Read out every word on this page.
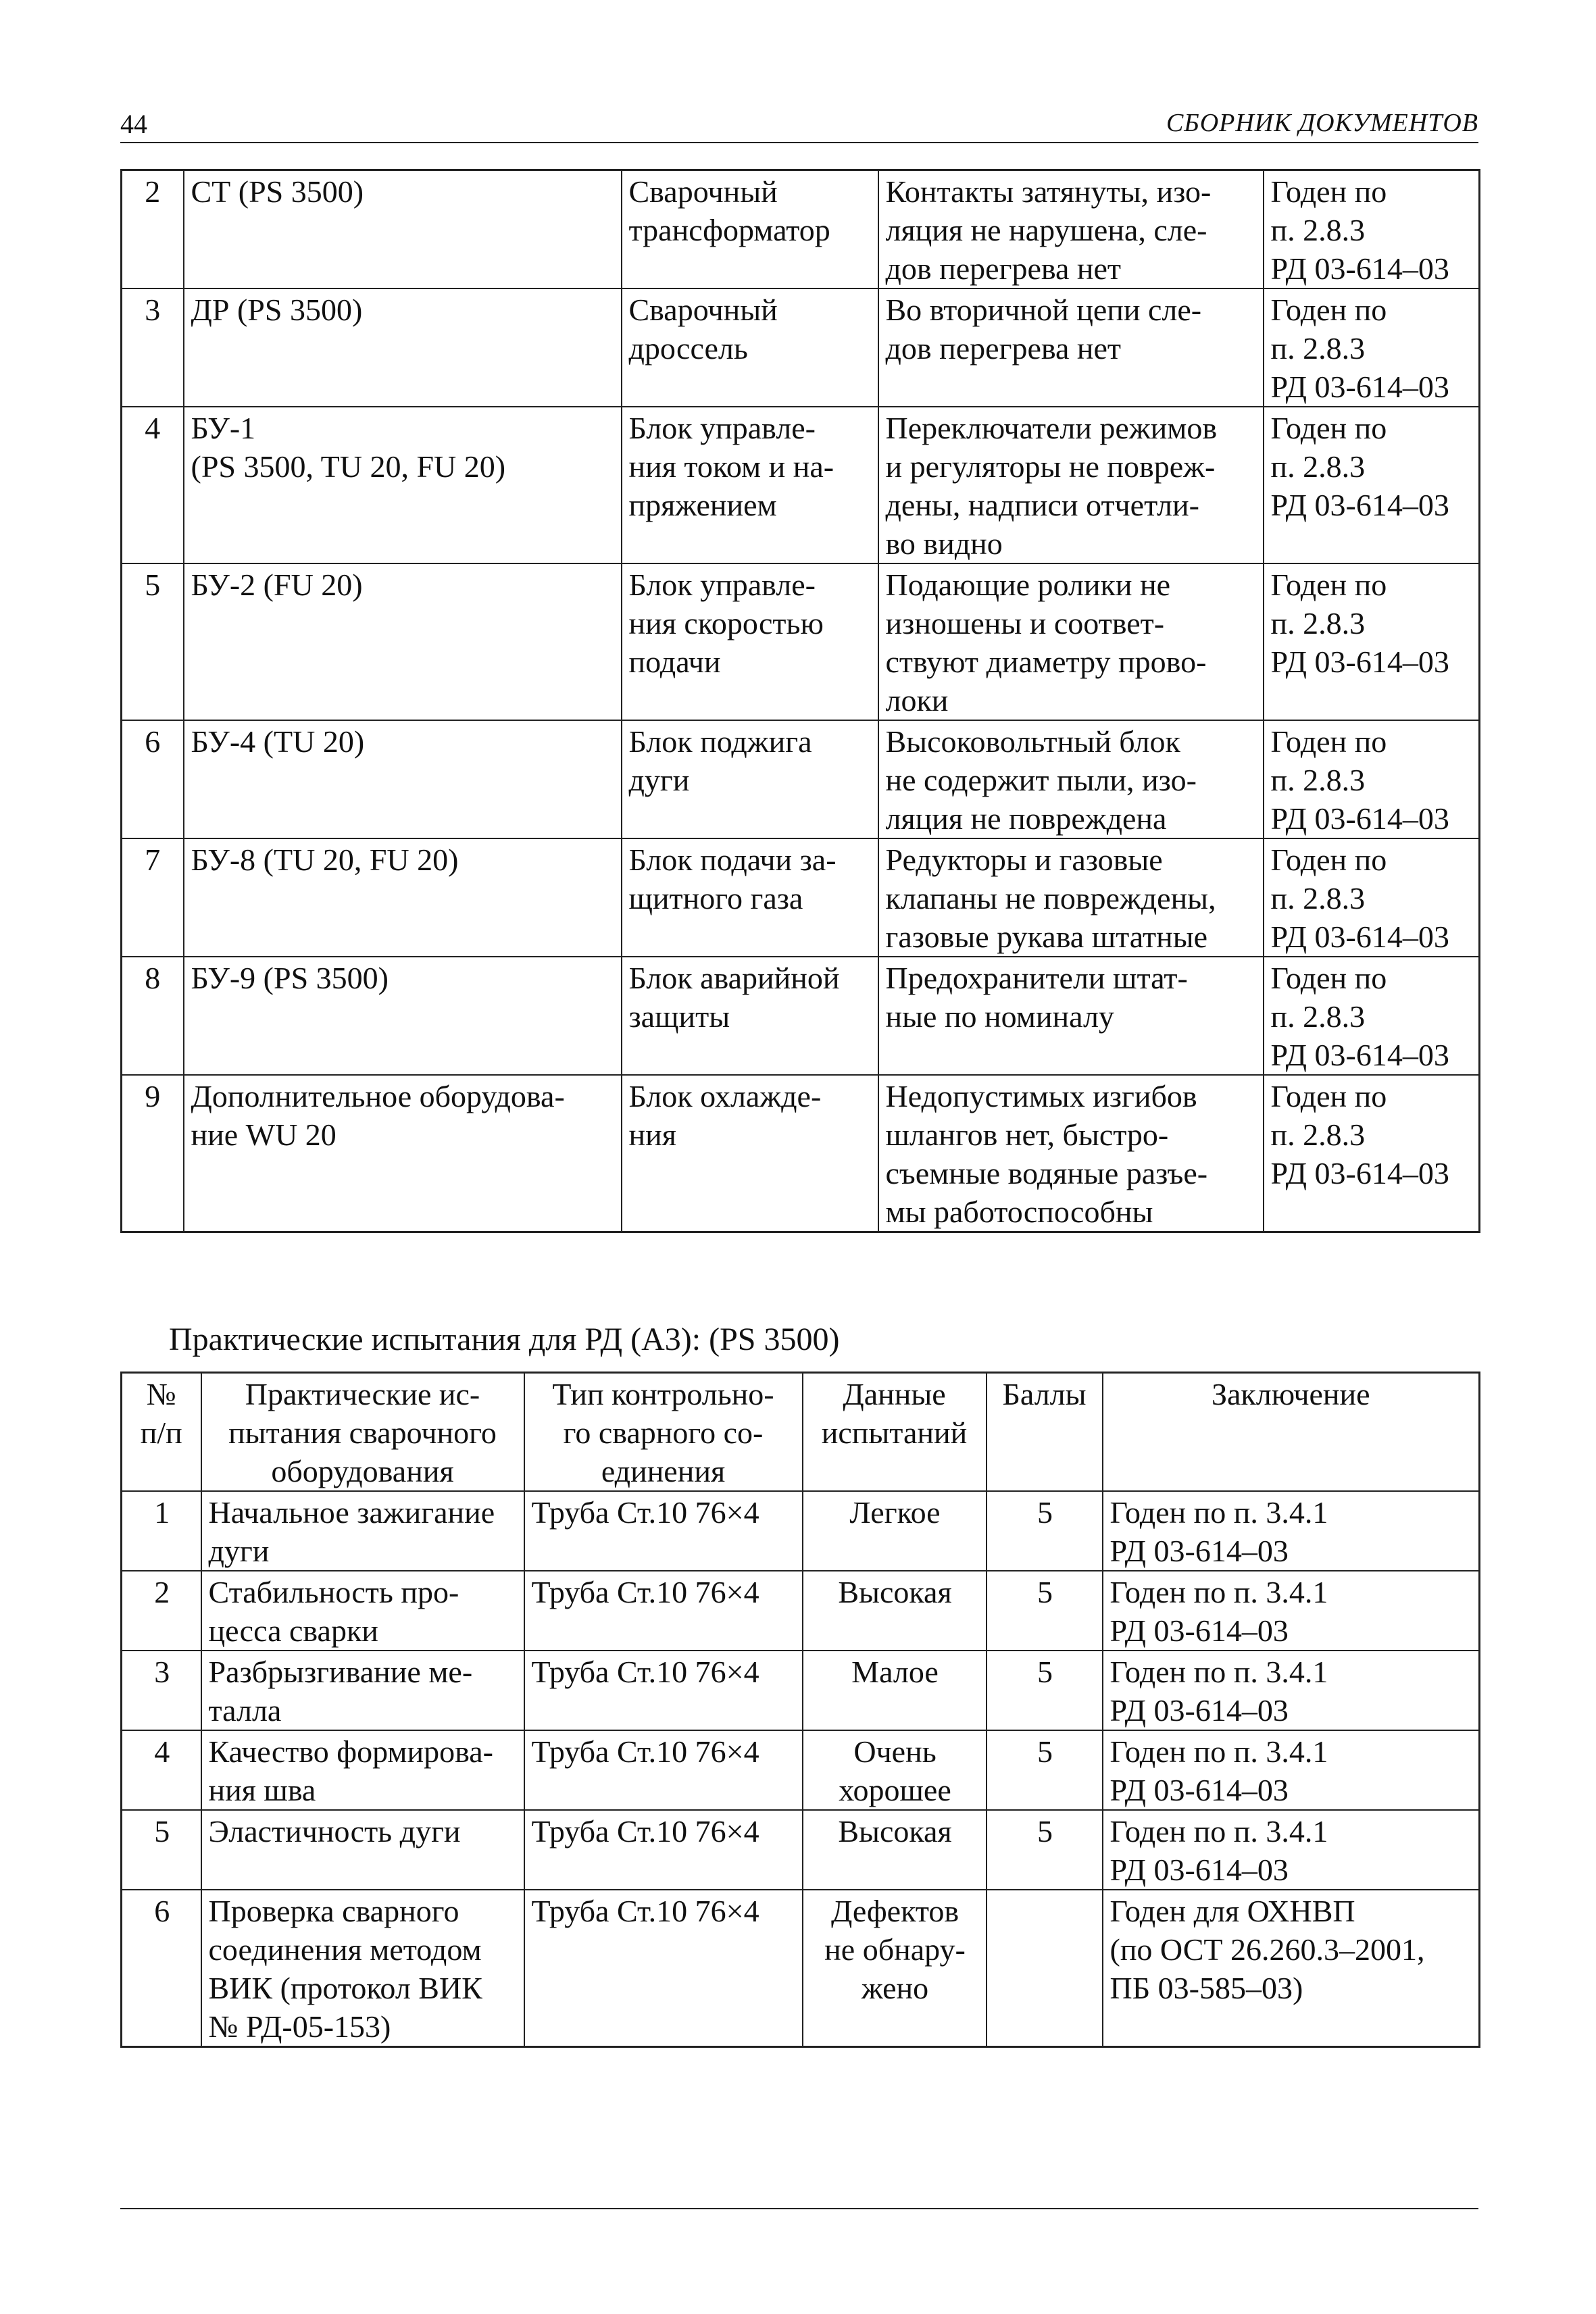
44	СБОРНИК ДОКУМЕНТОВ
2	СТ (PS 3500)	Сварочный
трансформатор	Контакты затянуты, изо-
ляция не нарушена, сле-
дов перегрева нет	Годен по
п. 2.8.3
РД 03-614–03

3	ДР (PS 3500)	Сварочный
дроссель	Во вторичной цепи сле-
дов перегрева нет	Годен по
п. 2.8.3
РД 03-614–03

4	БУ-1
(PS 3500, TU 20, FU 20)	Блок управле-
ния током и на-
пряжением	Переключатели режимов
и регуляторы не повреж-
дены, надписи отчетли-
во видно	Годен по
п. 2.8.3
РД 03-614–03

5	БУ-2 (FU 20)	Блок управле-
ния скоростью
подачи	Подающие ролики не
изношены и соответ-
ствуют диаметру прово-
локи	Годен по
п. 2.8.3
РД 03-614–03

6	БУ-4 (TU 20)	Блок поджига
дуги	Высоковольтный блок
не содержит пыли, изо-
ляция не повреждена	Годен по
п. 2.8.3
РД 03-614–03

7	БУ-8 (TU 20, FU 20)	Блок подачи за-
щитного газа	Редукторы и газовые
клапаны не повреждены,
газовые рукава штатные	Годен по
п. 2.8.3
РД 03-614–03

8	БУ-9 (PS 3500)	Блок аварийной
защиты	Предохранители штат-
ные по номиналу	Годен по
п. 2.8.3
РД 03-614–03

9	Дополнительное оборудова-
ние WU 20	Блок охлажде-
ния	Недопустимых изгибов
шлангов нет, быстро-
съемные водяные разъе-
мы работоспособны	Годен по
п. 2.8.3
РД 03-614–03
Практические испытания для РД (А3): (PS 3500)
№
п/п	Практические ис-
пытания сварочного
оборудования	Тип контрольно-
го сварного со-
единения	Данные
испытаний	Баллы	Заключение

1	Начальное зажигание
дуги	Труба Ст.10 76×4	Легкое	5	Годен по п. 3.4.1
РД 03-614–03

2	Стабильность про-
цесса сварки	Труба Ст.10 76×4	Высокая	5	Годен по п. 3.4.1
РД 03-614–03

3	Разбрызгивание ме-
талла	Труба Ст.10 76×4	Малое	5	Годен по п. 3.4.1
РД 03-614–03

4	Качество формирова-
ния шва	Труба Ст.10 76×4	Очень
хорошее	5	Годен по п. 3.4.1
РД 03-614–03

5	Эластичность дуги	Труба Ст.10 76×4	Высокая	5	Годен по п. 3.4.1
РД 03-614–03

6	Проверка сварного
соединения методом
ВИК (протокол ВИК
№ РД-05-153)	Труба Ст.10 76×4	Дефектов
не обнару-
жено		Годен для ОХНВП
(по ОСТ 26.260.3–2001,
ПБ 03-585–03)
